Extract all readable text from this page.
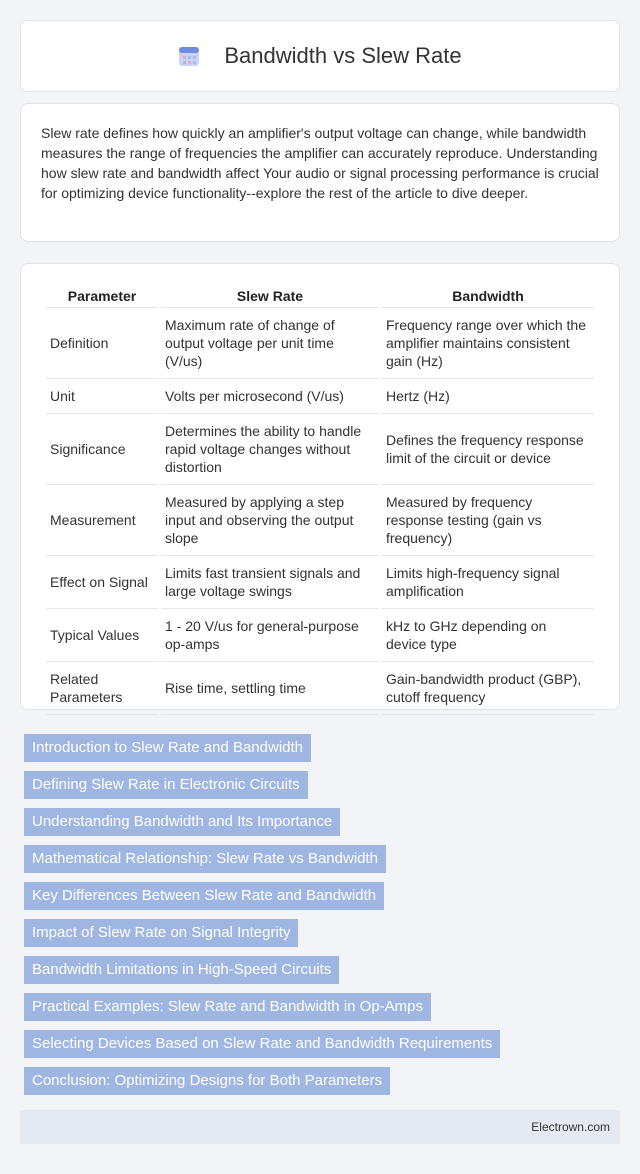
Bandwidth vs Slew Rate

Slew rate defines how quickly an amplifier's output voltage can change, while bandwidth measures the range of frequencies the amplifier can accurately reproduce. Understanding how slew rate and bandwidth affect Your audio or signal processing performance is crucial for optimizing device functionality--explore the rest of the article to dive deeper.

Parameter	Slew Rate	Bandwidth
Definition	Maximum rate of change of output voltage per unit time (V/us)	Frequency range over which the amplifier maintains consistent gain (Hz)
Unit	Volts per microsecond (V/us)	Hertz (Hz)
Significance	Determines the ability to handle rapid voltage changes without distortion	Defines the frequency response limit of the circuit or device
Measurement	Measured by applying a step input and observing the output slope	Measured by frequency response testing (gain vs frequency)
Effect on Signal	Limits fast transient signals and large voltage swings	Limits high-frequency signal amplification
Typical Values	1 - 20 V/us for general-purpose op-amps	kHz to GHz depending on device type
Related Parameters	Rise time, settling time	Gain-bandwidth product (GBP), cutoff frequency
Introduction to Slew Rate and Bandwidth
Defining Slew Rate in Electronic Circuits
Understanding Bandwidth and Its Importance
Mathematical Relationship: Slew Rate vs Bandwidth
Key Differences Between Slew Rate and Bandwidth
Impact of Slew Rate on Signal Integrity
Bandwidth Limitations in High-Speed Circuits
Practical Examples: Slew Rate and Bandwidth in Op-Amps
Selecting Devices Based on Slew Rate and Bandwidth Requirements
Conclusion: Optimizing Designs for Both Parameters
Electrown.com
